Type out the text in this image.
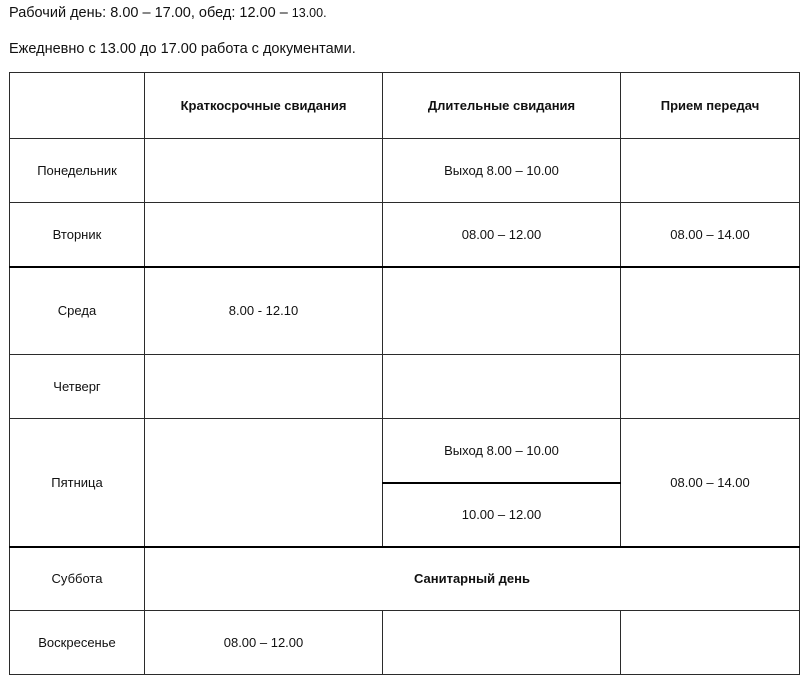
Рабочий день: 8.00 – 17.00, обед: 12.00 – 13.00.
Ежедневно с 13.00 до 17.00 работа с документами.
	Краткосрочные свидания	Длительные свидания	Прием передач
Понедельник		Выход 8.00 – 10.00	
Вторник		08.00 – 12.00	08.00 – 14.00
Среда	8.00 - 12.10		
Четверг			
Пятница		Выход 8.00 – 10.00	08.00 – 14.00
		10.00 – 12.00	
Суббота	Санитарный день		
Воскресенье	08.00 – 12.00		
